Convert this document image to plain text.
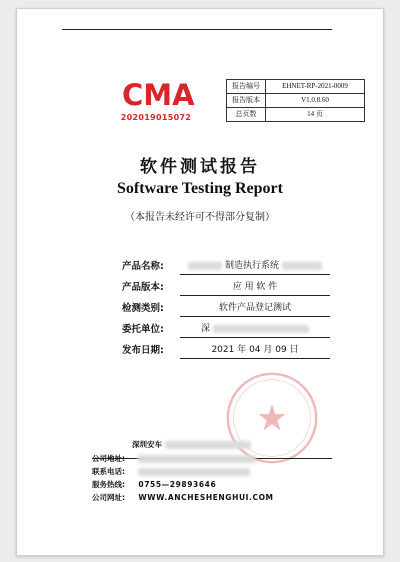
CMA
202019015072
报告编号	EHNET-RP-2021-0009
报告版本	V1.0.8.60
总页数	14 页
软件测试报告
Software Testing Report
（本报告未经许可不得部分复制）
产品名称:	制造执行系统
产品版本:	应 用 软 件
检测类别:	软件产品登记测试
委托单位:	深
发布日期:	2021 年 04 月 09 日
深圳安车
公司地址:
联系电话:
服务热线: 0755—29893646
公司网址: WWW.ANCHESHENGHUI.COM
